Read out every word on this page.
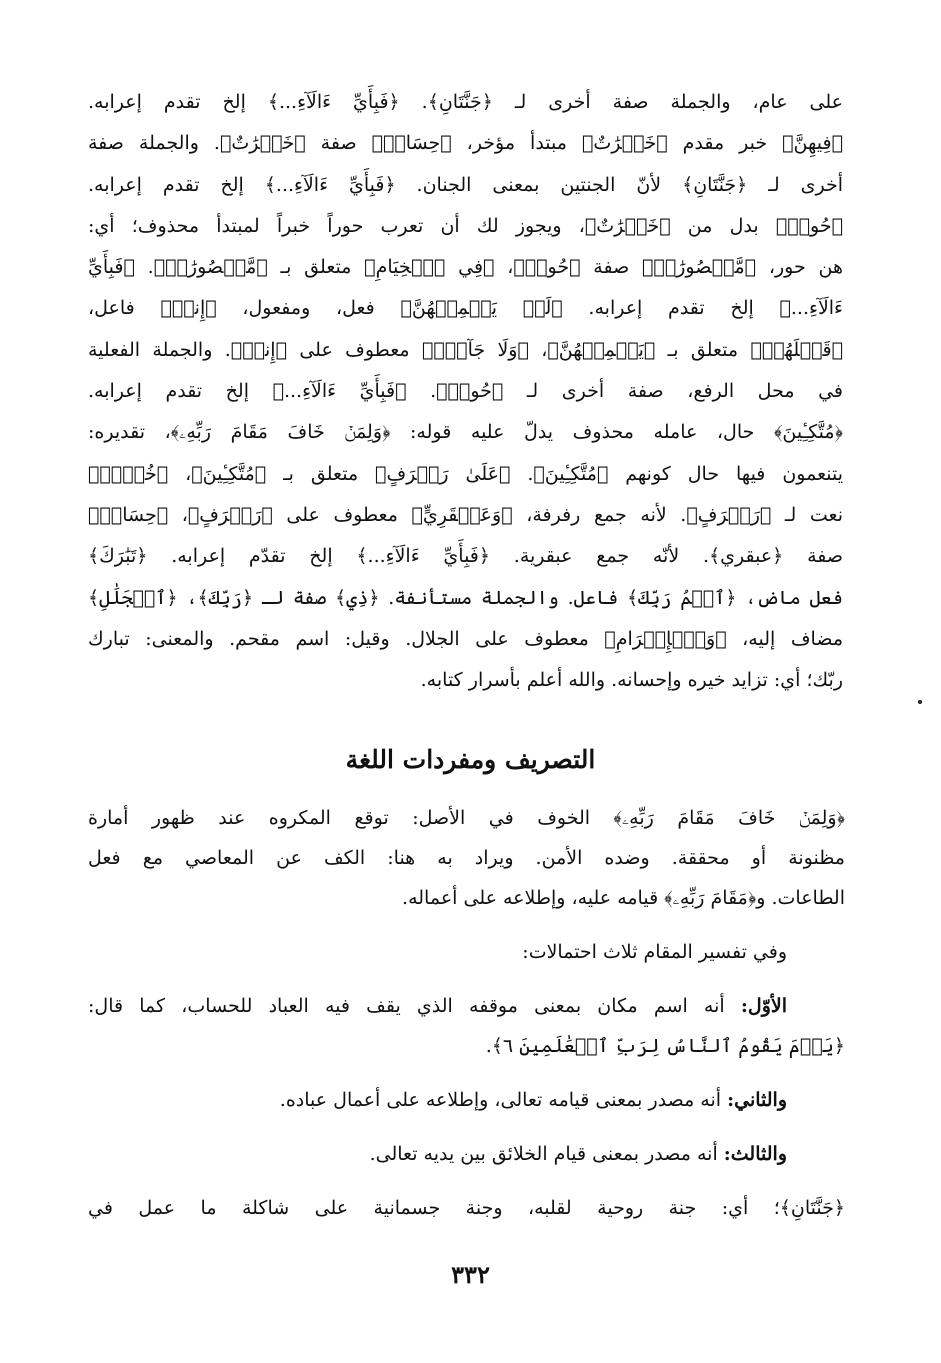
على عام، والجملة صفة أخرى لـ ﴿جَنَّتَانِ﴾. ﴿فَبِأَيِّ ءَالَآءِ...﴾ إلخ تقدم إعرابه.
﴿فِيهِنَّ﴾ خبر مقدم ﴿خَيۡرَٰتٌ﴾ مبتدأ مؤخر، ﴿حِسَانٞ﴾ صفة ﴿خَيۡرَٰتٌ﴾. والجملة صفة
أخرى لـ ﴿جَنَّتَانِ﴾ لأنّ الجنتين بمعنى الجنان. ﴿فَبِأَيِّ ءَالَآءِ...﴾ إلخ تقدم إعرابه.
﴿حُورٞ﴾ بدل من ﴿خَيۡرَٰتٌ﴾، ويجوز لك أن تعرب حوراً خبراً لمبتدأ محذوف؛ أي:
هن حور، ﴿مَّقۡصُورَٰتٞ﴾ صفة ﴿حُورٞ﴾، ﴿فِي ٱلۡخِيَامِ﴾ متعلق بـ ﴿مَّقۡصُورَٰتٞ﴾. ﴿فَبِأَيِّ
ءَالَآءِ...﴾ إلخ تقدم إعرابه. ﴿لَمۡ يَطۡمِثۡهُنَّ﴾ فعل، ومفعول، ﴿إِنسٞ﴾ فاعل،
﴿قَبۡلَهُمۡ﴾ متعلق بـ ﴿يَطۡمِثۡهُنَّ﴾، ﴿وَلَا جَآنّٞ﴾ معطوف على ﴿إِنسٞ﴾. والجملة الفعلية
في محل الرفع، صفة أخرى لـ ﴿حُورٞ﴾. ﴿فَبِأَيِّ ءَالَآءِ...﴾ إلخ تقدم إعرابه.
﴿مُتَّكِـِٔينَ﴾ حال، عامله محذوف يدلّ عليه قوله: ﴿وَلِمَنۡ خَافَ مَقَامَ رَبِّهِۦ﴾، تقديره:
يتنعمون فيها حال كونهم ﴿مُتَّكِـِٔينَ﴾. ﴿عَلَىٰ رَفۡرَفٍ﴾ متعلق بـ ﴿مُتَّكِـِٔينَ﴾، ﴿خُضۡرٖ﴾
نعت لـ ﴿رَفۡرَفٍ﴾. لأنه جمع رفرفة، ﴿وَعَبۡقَرِيٍّ﴾ معطوف على ﴿رَفۡرَفٍ﴾، ﴿حِسَانٖ﴾
صفة ﴿عبقري﴾. لأنّه جمع عبقرية. ﴿فَبِأَيِّ ءَالَآءِ...﴾ إلخ تقدّم إعرابه. ﴿تَبَٰرَكَ﴾
فعل ماض، ﴿ٱسۡمُ رَبِّكَ﴾ فاعل. والجملة مستأنفة. ﴿ذِي﴾ صفة لـ ﴿رَبِّكَ﴾، ﴿ٱلۡجَلَٰلِ﴾
مضاف إليه، ﴿وَٱلۡإِكۡرَامِ﴾ معطوف على الجلال. وقيل: اسم مقحم. والمعنى: تبارك
ربّك؛ أي: تزايد خيره وإحسانه. والله أعلم بأسرار كتابه.
التصريف ومفردات اللغة
﴿وَلِمَنۡ خَافَ مَقَامَ رَبِّهِۦ﴾ الخوف في الأصل: توقع المكروه عند ظهور أمارة
مظنونة أو محققة. وضده الأمن. ويراد به هنا: الكف عن المعاصي مع فعل
الطاعات. و﴿مَقَامَ رَبِّهِۦ﴾ قيامه عليه، وإطلاعه على أعماله.
وفي تفسير المقام ثلاث احتمالات:
الأوّل: أنه اسم مكان بمعنى موقفه الذي يقف فيه العباد للحساب، كما قال:
﴿يَوۡمَ يَقُومُ ٱلنَّاسُ لِرَبِّ ٱلۡعَٰلَمِينَ ٦﴾.
والثاني: أنه مصدر بمعنى قيامه تعالى، وإطلاعه على أعمال عباده.
والثالث: أنه مصدر بمعنى قيام الخلائق بين يديه تعالى.
﴿جَنَّتَانِ﴾؛ أي: جنة روحية لقلبه، وجنة جسمانية على شاكلة ما عمل في
٣٣٢
